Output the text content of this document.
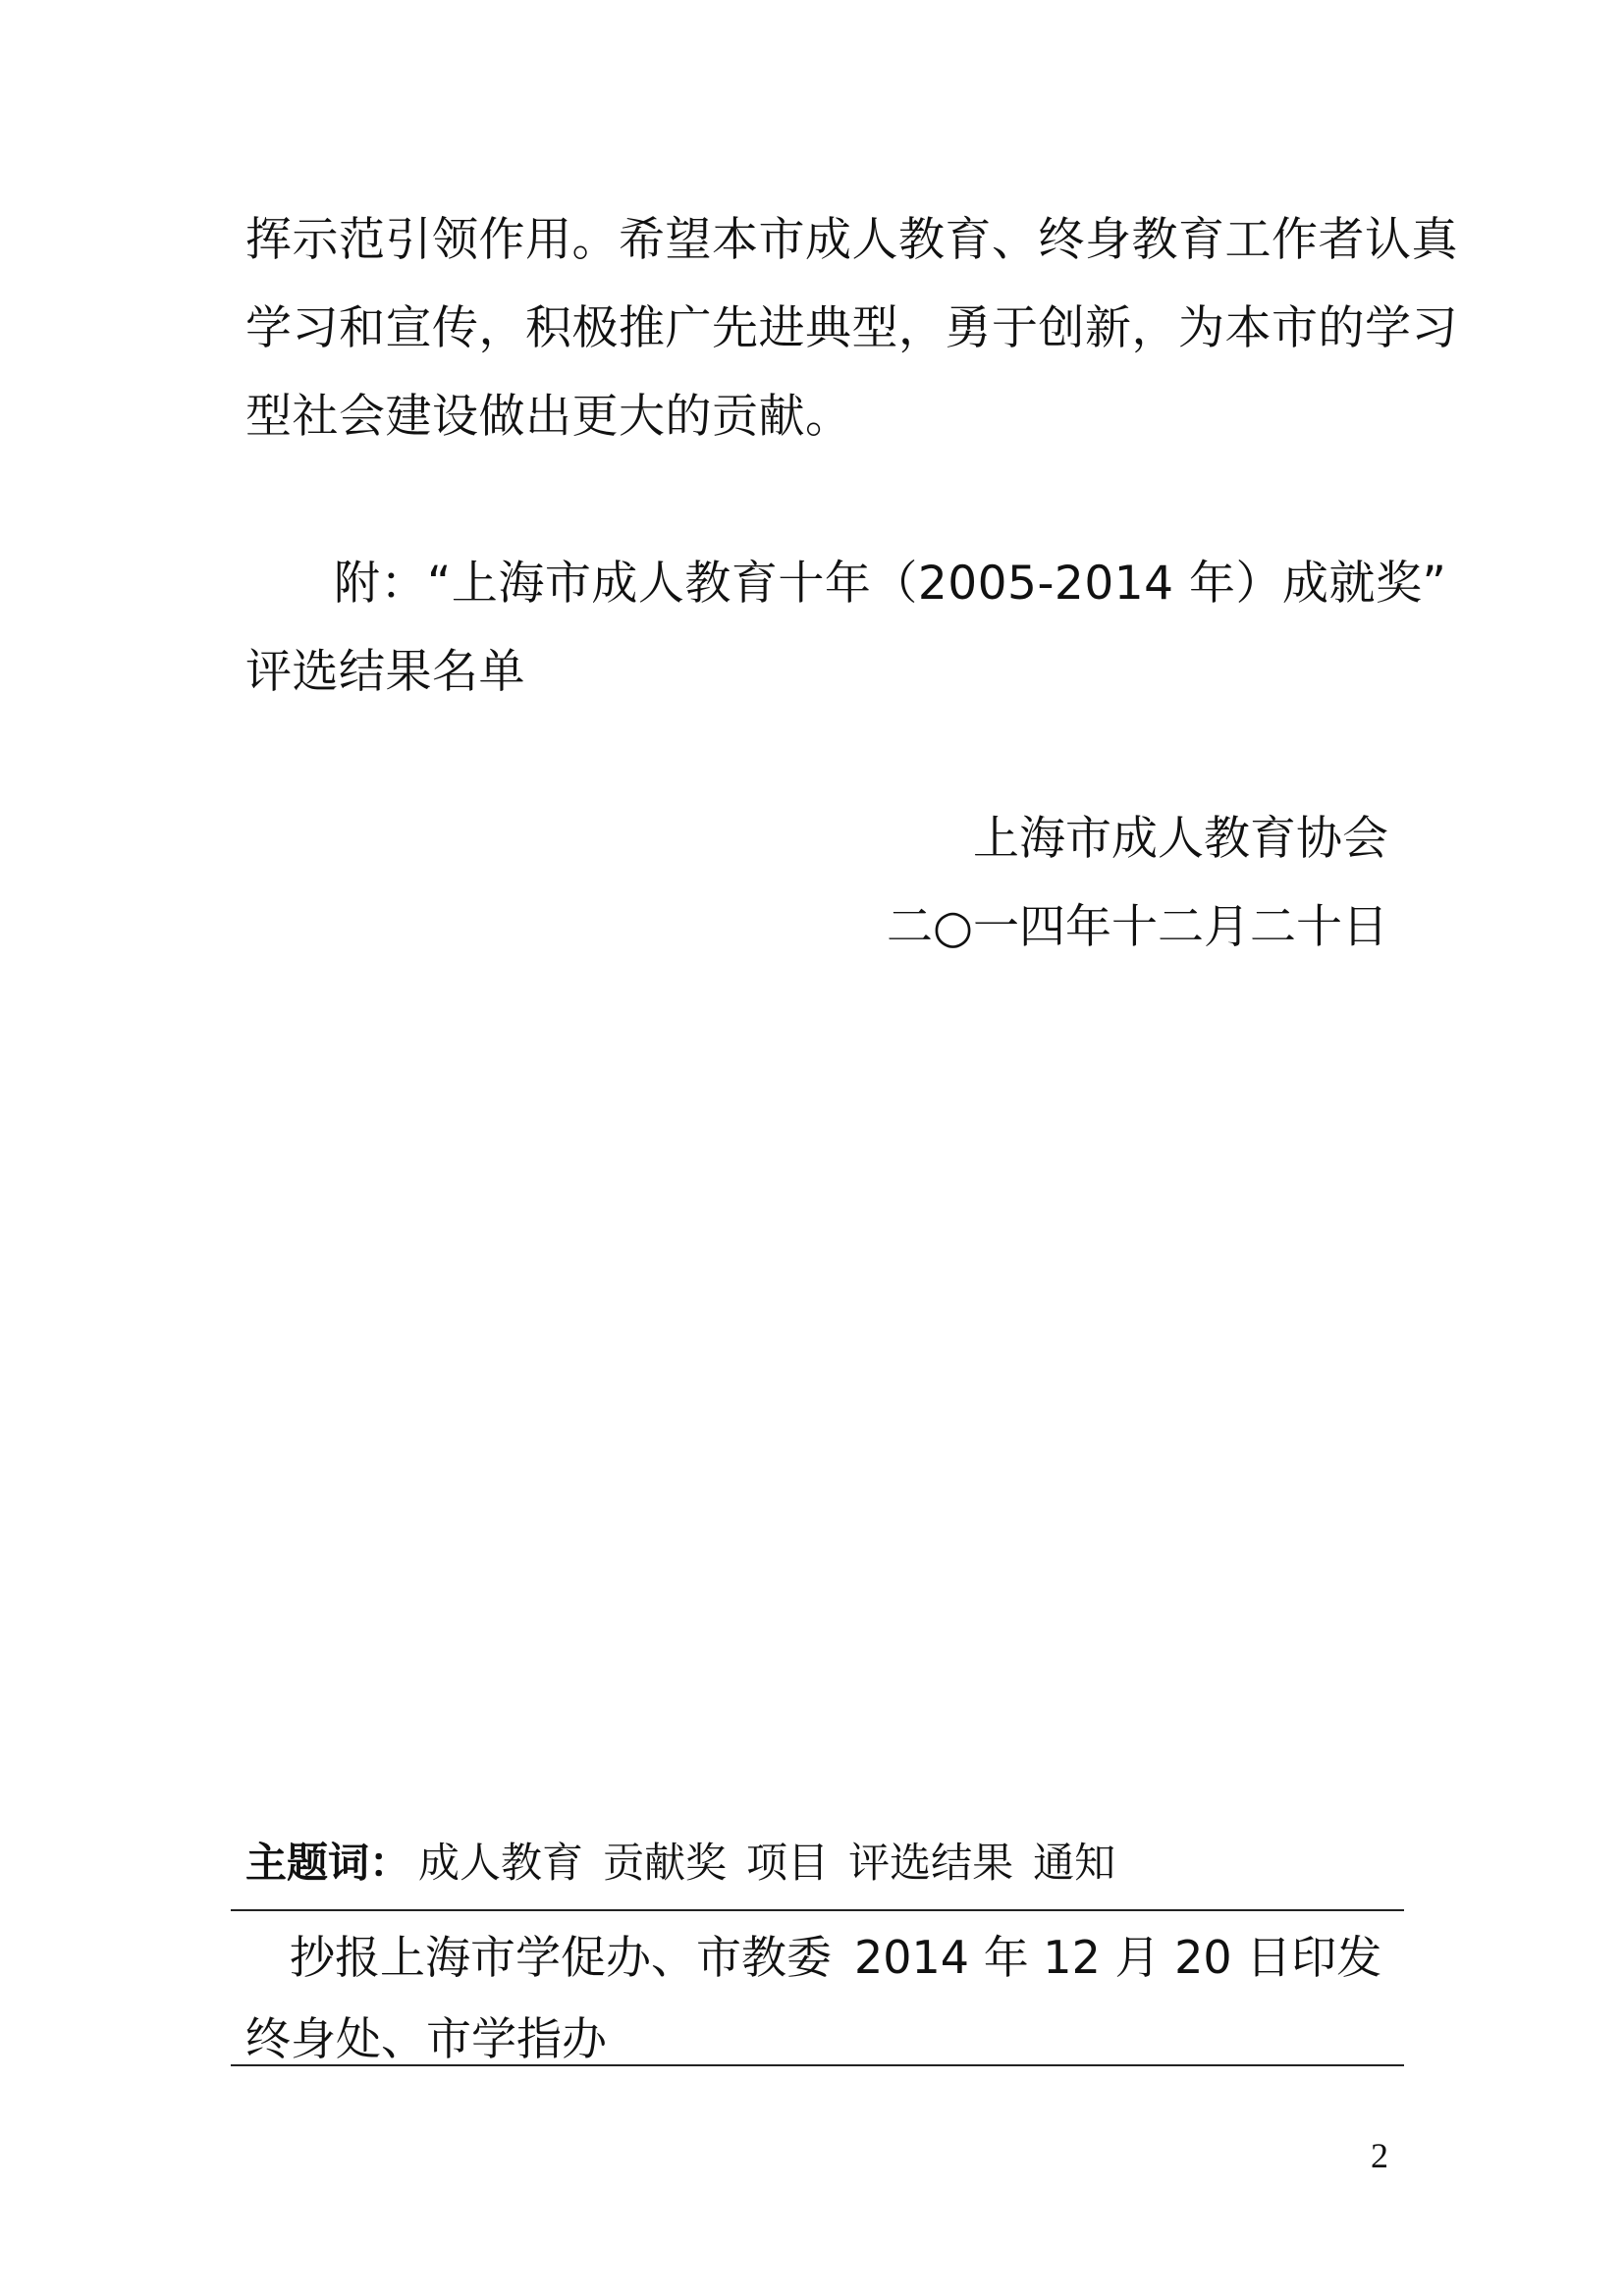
挥示范引领作用。希望本市成人教育、终身教育工作者认真
学习和宣传，积极推广先进典型，勇于创新，为本市的学习
型社会建设做出更大的贡献。
附：“上海市成人教育十年（2005-2014 年）成就奖”
评选结果名单
上海市成人教育协会
二○一四年十二月二十日
主题词： 成人教育 贡献奖 项目 评选结果 通知
抄报上海市学促办、市教委 2014 年 12 月 20 日印发
终身处、市学指办
2
